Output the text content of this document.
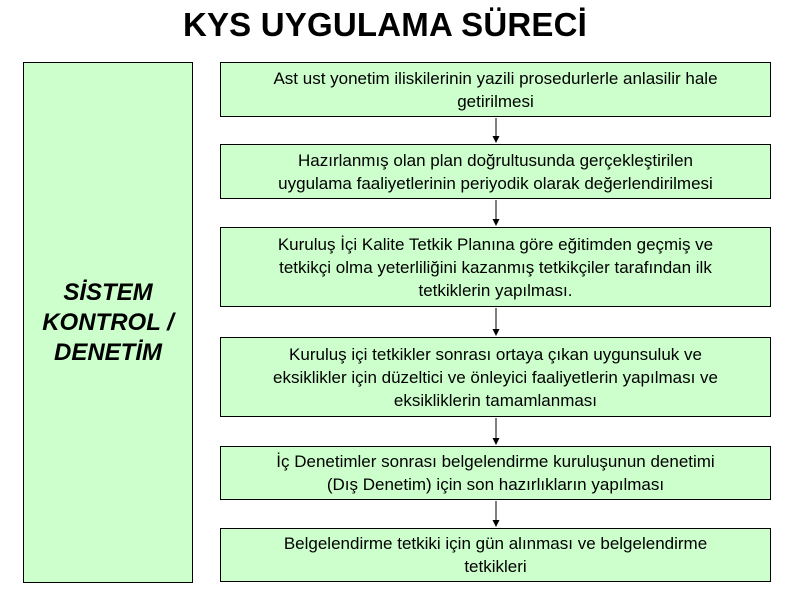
KYS UYGULAMA SÜRECİ
SİSTEM
KONTROL /
DENETİM
Ast ust yonetim iliskilerinin yazili prosedurlerle anlasilir hale
getirilmesi
Hazırlanmış olan plan doğrultusunda gerçekleştirilen
uygulama faaliyetlerinin periyodik olarak değerlendirilmesi
Kuruluş İçi Kalite Tetkik Planına göre eğitimden geçmiş ve
tetkikçi olma yeterliliğini kazanmış tetkikçiler tarafından ilk
tetkiklerin yapılması.
Kuruluş içi tetkikler sonrası ortaya çıkan uygunsuluk ve
eksiklikler için düzeltici ve önleyici faaliyetlerin yapılması ve
eksikliklerin tamamlanması
İç Denetimler sonrası belgelendirme kuruluşunun denetimi
(Dış Denetim) için son hazırlıkların yapılması
Belgelendirme tetkiki için gün alınması ve belgelendirme
tetkikleri
